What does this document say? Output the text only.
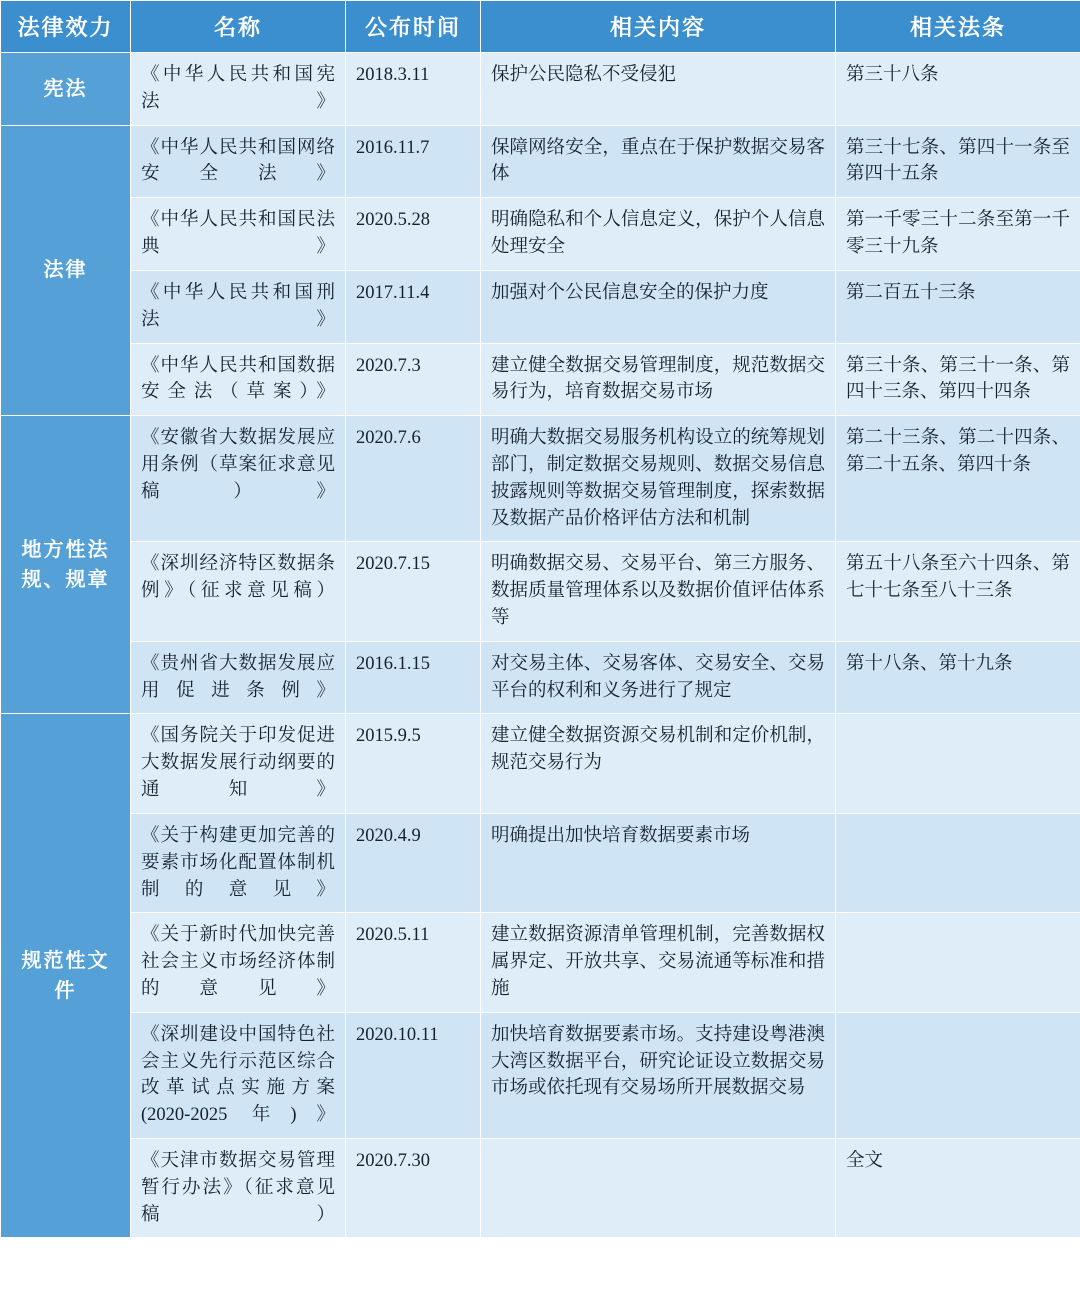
法律效力	名称	公布时间	相关内容	相关法条
宪法	《中华人民共和国宪法》	2018.3.11	保护公民隐私不受侵犯	第三十八条
法律	《中华人民共和国网络安全法》	2016.11.7	保障网络安全，重点在于保护数据交易客体	第三十七条、第四十一条至第四十五条
	《中华人民共和国民法典》	2020.5.28	明确隐私和个人信息定义，保护个人信息处理安全	第一千零三十二条至第一千零三十九条
	《中华人民共和国刑法》	2017.11.4	加强对个公民信息安全的保护力度	第二百五十三条
	《中华人民共和国数据安全法（草案）》	2020.7.3	建立健全数据交易管理制度，规范数据交易行为，培育数据交易市场	第三十条、第三十一条、第四十三条、第四十四条
地方性法规、规章	《安徽省大数据发展应用条例（草案征求意见稿）》	2020.7.6	明确大数据交易服务机构设立的统筹规划部门，制定数据交易规则、数据交易信息披露规则等数据交易管理制度，探索数据及数据产品价格评估方法和机制	第二十三条、第二十四条、第二十五条、第四十条
	《深圳经济特区数据条例》（征求意见稿）	2020.7.15	明确数据交易、交易平台、第三方服务、数据质量管理体系以及数据价值评估体系等	第五十八条至六十四条、第七十七条至八十三条
	《贵州省大数据发展应用促进条例》	2016.1.15	对交易主体、交易客体、交易安全、交易平台的权利和义务进行了规定	第十八条、第十九条
规范性文件	《国务院关于印发促进大数据发展行动纲要的通知》	2015.9.5	建立健全数据资源交易机制和定价机制，规范交易行为	
	《关于构建更加完善的要素市场化配置体制机制的意见》	2020.4.9	明确提出加快培育数据要素市场	
	《关于新时代加快完善社会主义市场经济体制的意见》	2020.5.11	建立数据资源清单管理机制，完善数据权属界定、开放共享、交易流通等标准和措施	
	《深圳建设中国特色社会主义先行示范区综合改革试点实施方案(2020-2025 年)》	2020.10.11	加快培育数据要素市场。支持建设粤港澳大湾区数据平台，研究论证设立数据交易市场或依托现有交易场所开展数据交易	
	《天津市数据交易管理暂行办法》（征求意见稿）	2020.7.30		全文
